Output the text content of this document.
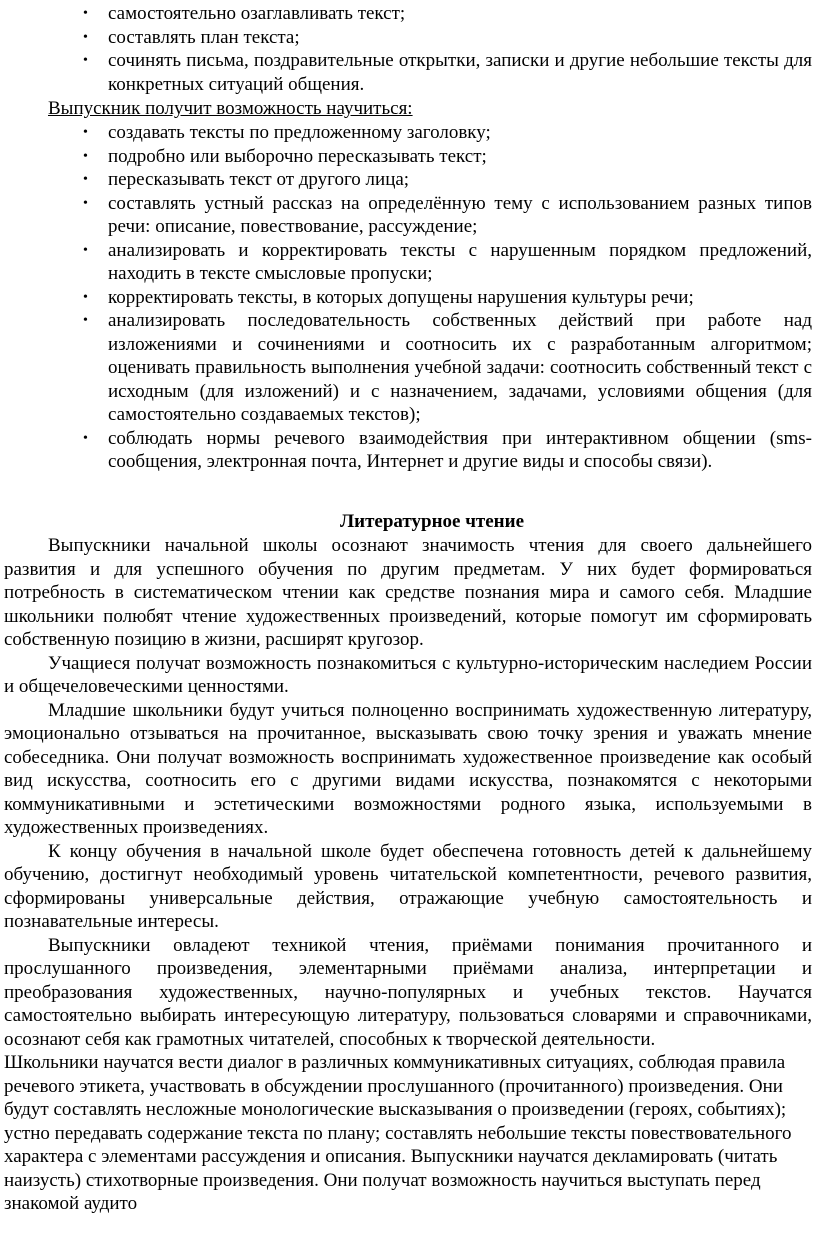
• самостоятельно озаглавливать текст;
• составлять план текста;
• сочинять письма, поздравительные открытки, записки и другие небольшие тексты для конкретных ситуаций общения.
Выпускник получит возможность научиться:
• создавать тексты по предложенному заголовку;
• подробно или выборочно пересказывать текст;
• пересказывать текст от другого лица;
• составлять устный рассказ на определённую тему с использованием разных типов речи: описание, повествование, рассуждение;
• анализировать и корректировать тексты с нарушенным порядком предложений, находить в тексте смысловые пропуски;
• корректировать тексты, в которых допущены нарушения культуры речи;
• анализировать последовательность собственных действий при работе над изложениями и сочинениями и соотносить их с разработанным алгоритмом; оценивать правильность выполнения учебной задачи: соотносить собственный текст с исходным (для изложений) и с назначением, задачами, условиями общения (для самостоятельно создаваемых текстов);
• соблюдать нормы речевого взаимодействия при интерактивном общении (sms-сообщения, электронная почта, Интернет и другие виды и способы связи).
Литературное чтение

Выпускники начальной школы осознают значимость чтения для своего дальнейшего развития и для успешного обучения по другим предметам. У них будет формироваться потребность в систематическом чтении как средстве познания мира и самого себя. Младшие школьники полюбят чтение художественных произведений, которые помогут им сформировать собственную позицию в жизни, расширят кругозор.

Учащиеся получат возможность познакомиться с культурно-историческим наследием России и общечеловеческими ценностями.

Младшие школьники будут учиться полноценно воспринимать художественную литературу, эмоционально отзываться на прочитанное, высказывать свою точку зрения и уважать мнение собеседника. Они получат возможность воспринимать художественное произведение как особый вид искусства, соотносить его с другими видами искусства, познакомятся с некоторыми коммуникативными и эстетическими возможностями родного языка, используемыми в художественных произведениях.

К концу обучения в начальной школе будет обеспечена готовность детей к дальнейшему обучению, достигнут необходимый уровень читательской компетентности, речевого развития, сформированы универсальные действия, отражающие учебную самостоятельность и познавательные интересы.

Выпускники овладеют техникой чтения, приёмами понимания прочитанного и прослушанного произведения, элементарными приёмами анализа, интерпретации и преобразования художественных, научно-популярных и учебных текстов. Научатся самостоятельно выбирать интересующую литературу, пользоваться словарями и справочниками, осознают себя как грамотных читателей, способных к творческой деятельности.

Школьники научатся вести диалог в различных коммуникативных ситуациях, соблюдая правила речевого этикета, участвовать в обсуждении прослушанного (прочитанного) произведения. Они будут составлять несложные монологические высказывания о произведении (героях, событиях); устно передавать содержание текста по плану; составлять небольшие тексты повествовательного характера с элементами рассуждения и описания. Выпускники научатся декламировать (читать наизусть) стихотворные произведения. Они получат возможность научиться выступать перед знакомой аудито
